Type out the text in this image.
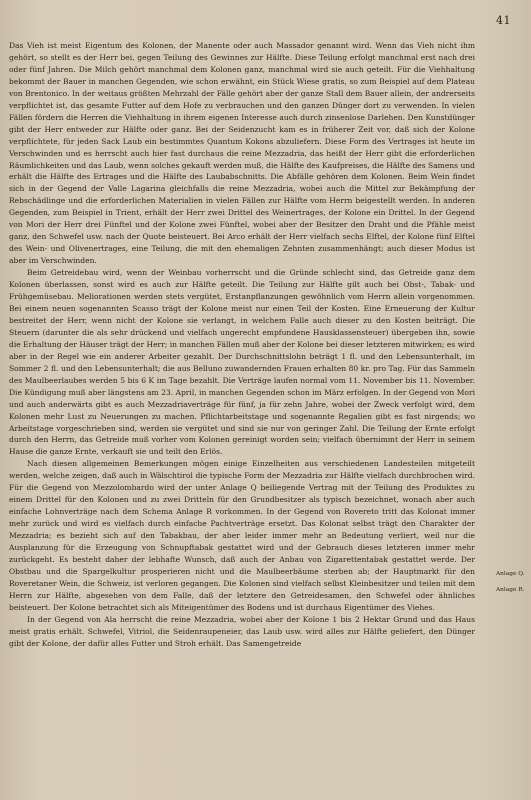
41

Das Vieh ist meist Eigentum des Kolonen, der Manente oder auch Massador genannt wird. Wenn das Vieh nicht ihm gehört, so stellt es der Herr bei, gegen Teilung des Gewinnes zur Hälfte. Diese Teilung erfolgt manchmal erst nach drei oder fünf Jahren. Die Milch gehört manchmal dem Kolonen ganz, manchmal wird sie auch geteilt. Für die Viehhaltung bekommt der Bauer in manchen Gegenden, wie schon erwähnt, ein Stück Wiese gratis, so zum Beispiel auf dem Plateau von Brentonico. In der weitaus größten Mehrzahl der Fälle gehört aber der ganze Stall dem Bauer allein, der andrerseits verpflichtet ist, das gesamte Futter auf dem Hofe zu verbrauchen und den ganzen Dünger dort zu verwenden. In vielen Fällen fördern die Herren die Viehhaltung in ihrem eigenen Interesse auch durch zinsenlose Darlehen. Den Kunstdünger gibt der Herr entweder zur Hälfte oder ganz. Bei der Seidenzucht kam es in früherer Zeit vor, daß sich der Kolone verpflichtete, für jeden Sack Laub ein bestimmtes Quantum Kokons abzuliefern. Diese Form des Vertrages ist heute im Verschwinden und es herrscht auch hier fast durchaus die reine Mezzadria, das heißt der Herr gibt die erforderlichen Räumlichkeiten und das Laub, wenn solches gekauft werden muß, die Hälfte des Kaufpreises, die Hälfte des Samens und erhält die Hälfte des Ertrages und die Hälfte des Laubabschnitts. Die Abfälle gehören dem Kolonen. Beim Wein findet sich in der Gegend der Valle Lagarina gleichfalls die reine Mezzadria, wobei auch die Mittel zur Bekämpfung der Rebschädlinge und die erforderlichen Materialien in vielen Fällen zur Hälfte vom Herrn beigestellt werden. In anderen Gegenden, zum Beispiel in Trient, erhält der Herr zwei Drittel des Weinertrages, der Kolone ein Drittel. In der Gegend von Mori der Herr drei Fünftel und der Kolone zwei Fünftel, wobei aber der Besitzer den Draht und die Pfähle meist ganz, den Schwefel usw. nach der Quote beisteuert. Bei Arco erhält der Herr vielfach sechs Elftel, der Kolone fünf Elftel des Wein- und Olivenertrages, eine Teilung, die mit den ehemaligen Zehnten zusammenhängt; auch dieser Modus ist aber im Verschwinden.

Beim Getreidebau wird, wenn der Weinbau vorherrscht und die Gründe schlecht sind, das Getreide ganz dem Kolonen überlassen, sonst wird es auch zur Hälfte geteilt. Die Teilung zur Hälfte gilt auch bei Obst-, Tabak- und Frühgemüsebau. Meliorationen werden stets vergütet, Erstanpflanzungen gewöhnlich vom Herrn allein vorgenommen. Bei einem neuen sogenannten Scasso trägt der Kolone meist nur einen Teil der Kosten. Eine Erneuerung der Kultur bestreitet der Herr, wenn nicht der Kolone sie verlangt, in welchem Falle auch dieser zu den Kosten beiträgt. Die Steuern (darunter die als sehr drückend und vielfach ungerecht empfundene Hausklassensteuer) übergeben ihn, sowie die Erhaltung der Häuser trägt der Herr; in manchen Fällen muß aber der Kolone bei dieser letzteren mitwirken; es wird aber in der Regel wie ein anderer Arbeiter gezahlt. Der Durchschnittslohn beträgt 1 fl. und den Lebensunterhalt, im Sommer 2 fl. und den Lebensunterhalt; die aus Belluno zuwandernden Frauen erhalten 80 kr. pro Tag. Für das Sammeln des Maulbeerlaubes werden 5 bis 6 K im Tage bezahlt. Die Verträge laufen normal vom 11. November bis 11. November. Die Kündigung muß aber längstens am 23. April, in manchen Gegenden schon im März erfolgen. In der Gegend von Mori und auch anderwärts gibt es auch Mezzadriaverträge für fünf, ja für zehn Jahre, wobei der Zweck verfolgt wird, dem Kolonen mehr Lust zu Neuerungen zu machen. Pflichtarbeitstage und sogenannte Regalien gibt es fast nirgends; wo Arbeitstage vorgeschrieben sind, werden sie vergütet und sind sie nur von geringer Zahl. Die Teilung der Ernte erfolgt durch den Herrn, das Getreide muß vorher vom Kolonen gereinigt worden sein; vielfach übernimmt der Herr in seinem Hause die ganze Ernte, verkauft sie und teilt den Erlös.

Nach diesen allgemeinen Bemerkungen mögen einige Einzelheiten aus verschiedenen Landesteilen mitgeteilt werden, welche zeigen, daß auch in Wälschtirol die typische Form der Mezzadria zur Hälfte vielfach durchbrochen wird. Für die Gegend von Mezzolombardo wird der unter Anlage Q beiliegende Vertrag mit der Teilung des Produktes zu einem Drittel für den Kolonen und zu zwei Dritteln für den Grundbesitzer als typisch bezeichnet, wonach aber auch einfache Lohnverträge nach dem Schema Anlage R vorkommen. In der Gegend von Rovereto tritt das Kolonat immer mehr zurück und wird es vielfach durch einfache Pachtverträge ersetzt. Das Kolonat selbst trägt den Charakter der Mezzadria; es bezieht sich auf den Tabakbau, der aber leider immer mehr an Bedeutung verliert, weil nur die Ausplanzung für die Erzeugung von Schnupftabak gestattet wird und der Gebrauch dieses letzteren immer mehr zurückgeht. Es besteht daher der lebhafte Wunsch, daß auch der Anbau von Zigarettentabak gestattet werde. Der Obstbau und die Spargelkultur prosperieren nicht und die Maulbeerbäume sterben ab; der Hauptmarkt für den Roveretaner Wein, die Schweiz, ist verloren gegangen. Die Kolonen sind vielfach selbst Kleinbesitzer und teilen mit dem Herrn zur Hälfte, abgesehen von dem Falle, daß der letztere den Getreidesamen, den Schwefel oder ähnliches beisteuert. Der Kolone betrachtet sich als Miteigentümer des Bodens und ist durchaus Eigentümer des Viehes.

In der Gegend von Ala herrscht die reine Mezzadria, wobei aber der Kolone 1 bis 2 Hektar Grund und das Haus meist gratis erhält. Schwefel, Vitriol, die Seidenraupeneier, das Laub usw. wird alles zur Hälfte geliefert, den Dünger gibt der Kolone, der dafür alles Futter und Stroh erhält. Das Samengetreide

Anlage Q.
Anlage R.
